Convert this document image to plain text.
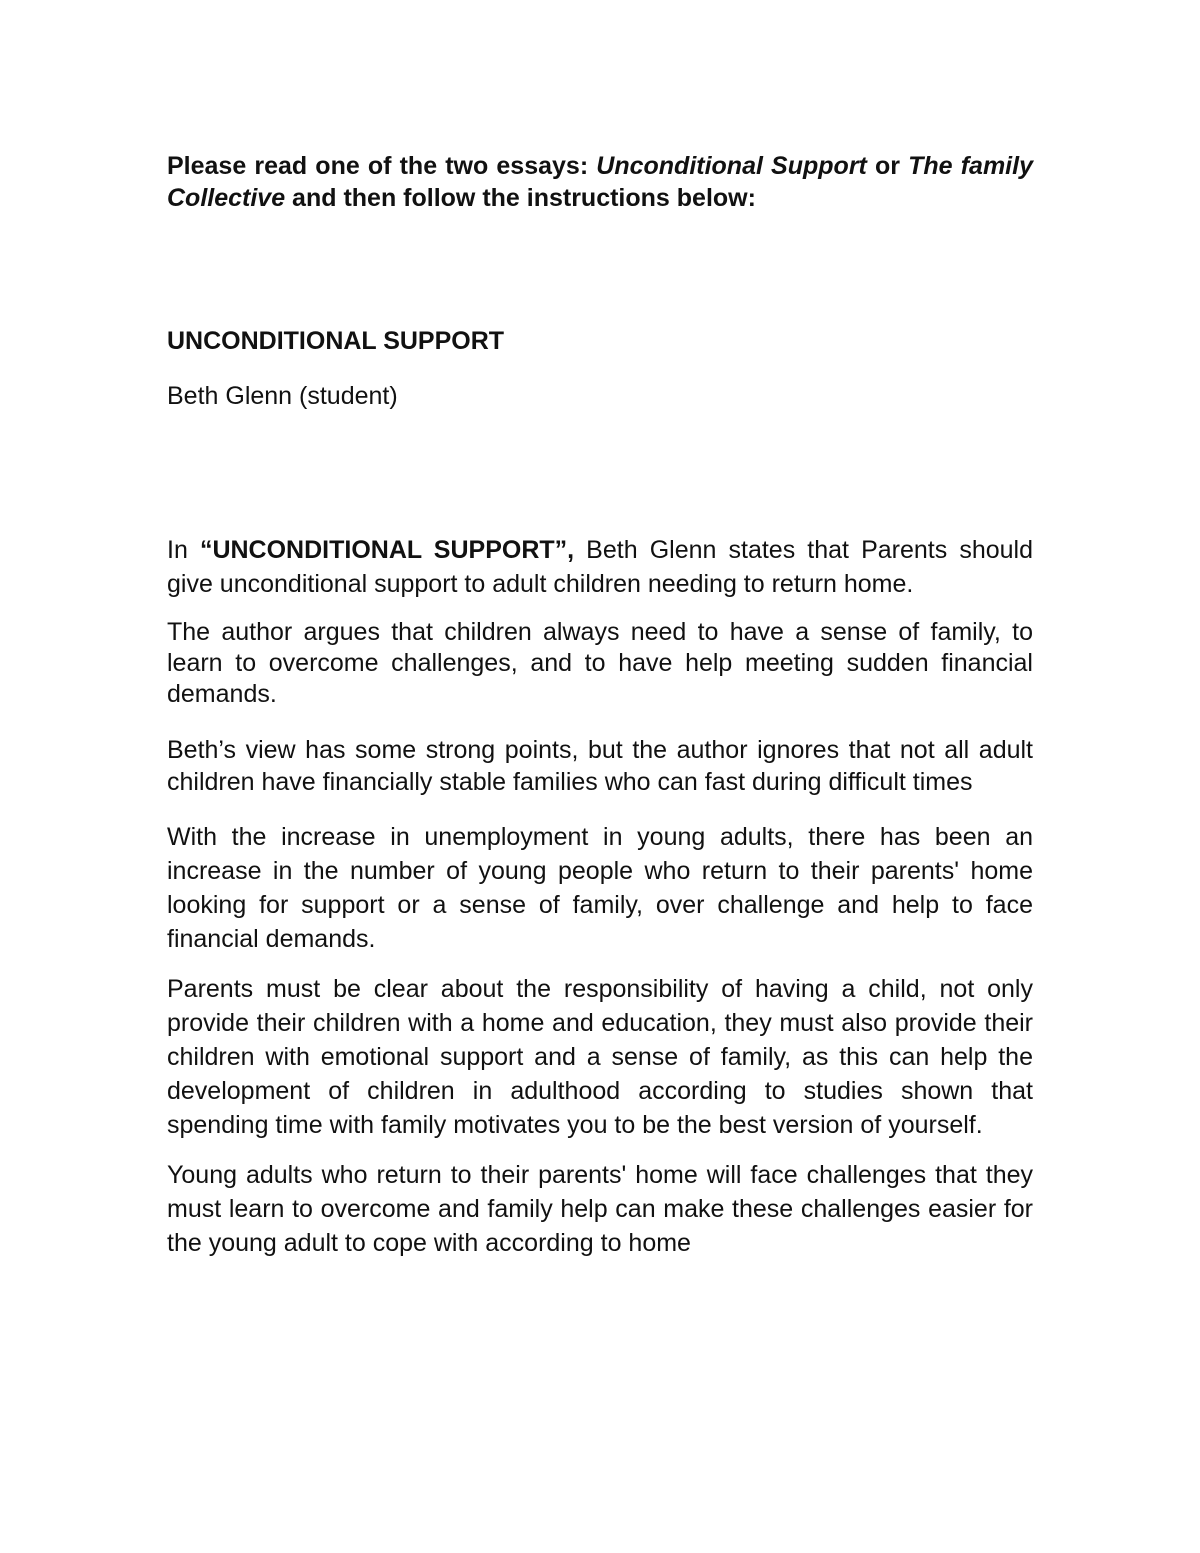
Please read one of the two essays: Unconditional Support or The family Collective and then follow the instructions below:

UNCONDITIONAL SUPPORT

Beth Glenn (student)

In “UNCONDITIONAL SUPPORT”, Beth Glenn states that Parents should give unconditional support to adult children needing to return home.

The author argues that children always need to have a sense of family, to learn to overcome challenges, and to have help meeting sudden financial demands.

Beth’s view has some strong points, but the author ignores that not all adult children have financially stable families who can fast during difficult times

With the increase in unemployment in young adults, there has been an increase in the number of young people who return to their parents' home looking for support or a sense of family, over challenge and help to face financial demands.

Parents must be clear about the responsibility of having a child, not only provide their children with a home and education, they must also provide their children with emotional support and a sense of family, as this can help the development of children in adulthood according to studies shown that spending time with family motivates you to be the best version of yourself.

Young adults who return to their parents' home will face challenges that they must learn to overcome and family help can make these challenges easier for the young adult to cope with according to home
